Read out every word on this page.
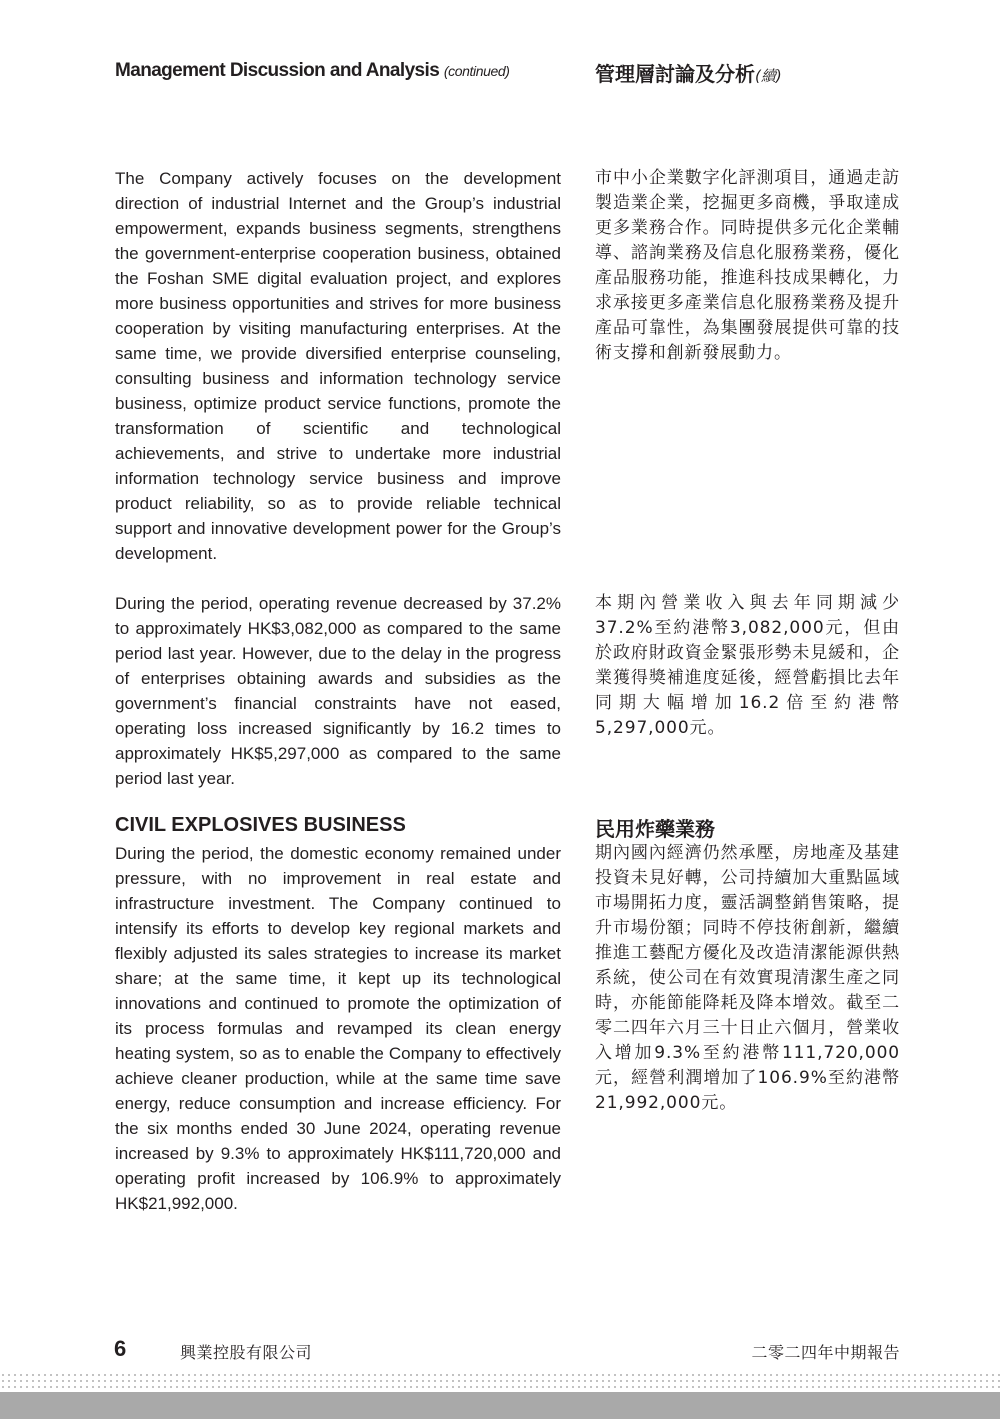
Management Discussion and Analysis (continued)	管理層討論及分析(續)

The Company actively focuses on the development direction of industrial Internet and the Group’s industrial empowerment, expands business segments, strengthens the government-enterprise cooperation business, obtained the Foshan SME digital evaluation project, and explores more business opportunities and strives for more business cooperation by visiting manufacturing enterprises. At the same time, we provide diversified enterprise counseling, consulting business and information technology service business, optimize product service functions, promote the transformation of scientific and technological achievements, and strive to undertake more industrial information technology service business and improve product reliability, so as to provide reliable technical support and innovative development power for the Group’s development.

市中小企業數字化評測項目，通過走訪製造業企業，挖掘更多商機，爭取達成更多業務合作。同時提供多元化企業輔導、諮詢業務及信息化服務業務，優化產品服務功能，推進科技成果轉化，力求承接更多產業信息化服務業務及提升產品可靠性，為集團發展提供可靠的技術支撐和創新發展動力。

During the period, operating revenue decreased by 37.2% to approximately HK$3,082,000 as compared to the same period last year. However, due to the delay in the progress of enterprises obtaining awards and subsidies as the government’s financial constraints have not eased, operating loss increased significantly by 16.2 times to approximately HK$5,297,000 as compared to the same period last year.

本期內營業收入與去年同期減少37.2%至約港幣3,082,000元，但由於政府財政資金緊張形勢未見緩和，企業獲得獎補進度延後，經營虧損比去年同期大幅增加16.2倍至約港幣5,297,000元。

CIVIL EXPLOSIVES BUSINESS	民用炸藥業務

During the period, the domestic economy remained under pressure, with no improvement in real estate and infrastructure investment. The Company continued to intensify its efforts to develop key regional markets and flexibly adjusted its sales strategies to increase its market share; at the same time, it kept up its technological innovations and continued to promote the optimization of its process formulas and revamped its clean energy heating system, so as to enable the Company to effectively achieve cleaner production, while at the same time save energy, reduce consumption and increase efficiency. For the six months ended 30 June 2024, operating revenue increased by 9.3% to approximately HK$111,720,000 and operating profit increased by 106.9% to approximately HK$21,992,000.

期內國內經濟仍然承壓，房地產及基建投資未見好轉，公司持續加大重點區域市場開拓力度，靈活調整銷售策略，提升市場份額；同時不停技術創新，繼續推進工藝配方優化及改造清潔能源供熱系統，使公司在有效實現清潔生產之同時，亦能節能降耗及降本增效。截至二零二四年六月三十日止六個月，營業收入增加9.3%至約港幣111,720,000元，經營利潤增加了106.9%至約港幣21,992,000元。

6	興業控股有限公司	二零二四年中期報告
